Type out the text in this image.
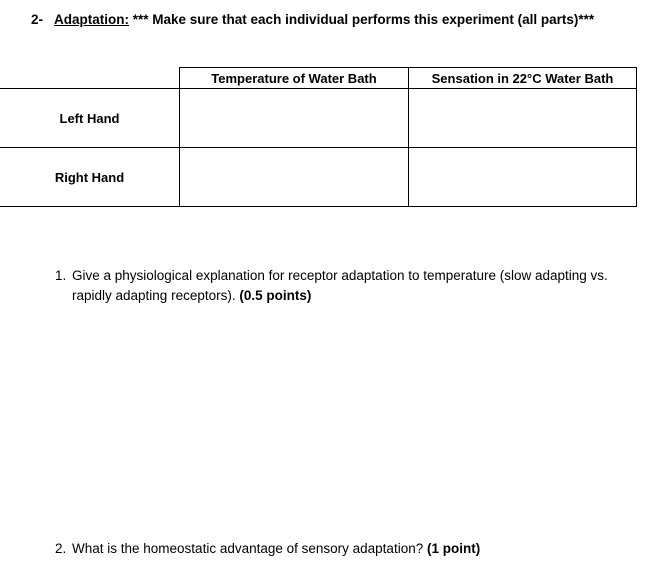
2- Adaptation: *** Make sure that each individual performs this experiment (all parts)***
	Temperature of Water Bath	Sensation in 22°C Water Bath
Left Hand		
Right Hand		
1. Give a physiological explanation for receptor adaptation to temperature (slow adapting vs. rapidly adapting receptors). (0.5 points)
2. What is the homeostatic advantage of sensory adaptation? (1 point)
